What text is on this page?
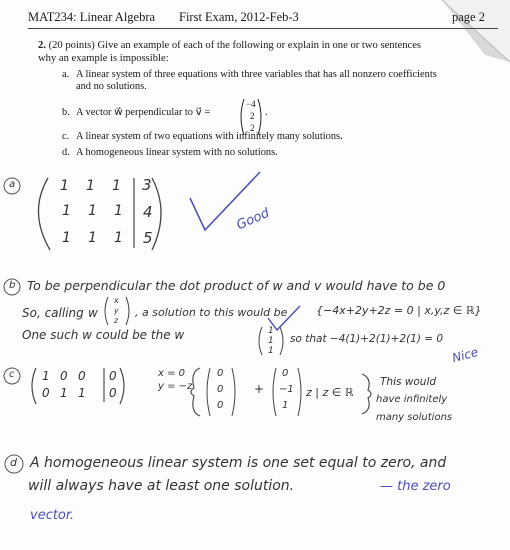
MAT234: Linear Algebra First Exam, 2012-Feb-3	page 2
2. (20 points) Give an example of each of the following or explain in one or two sentences
why an example is impossible:
a. A linear system of three equations with three variables that has all nonzero coefficients
and no solutions.
b. A vector w⃗ perpendicular to v⃗ =
−4
2
2
.
c. A linear system of two equations with infinitely many solutions.
d. A homogeneous linear system with no solutions.
a	1 1 1 3
1 1 1 4
1 1 1 5
Good
b To be perpendicular the dot product of w and v would have to be 0
So, calling w
x
y
z
, a solution to this would be	{−4x+2y+2z = 0 | x,y,z ∈ ℝ}
One such w could be the w	1
1
1
so that −4(1)+2(1)+2(1) = 0
Nice
c 1 0 0 0
0 1 1 0
x = 0
y = −z
0
0
0
+
0
−1
1
z | z ∈ ℝ
This would
have infinitely
many solutions
d A homogeneous linear system is one set equal to zero, and
will always have at least one solution.	— the zero
vector.
